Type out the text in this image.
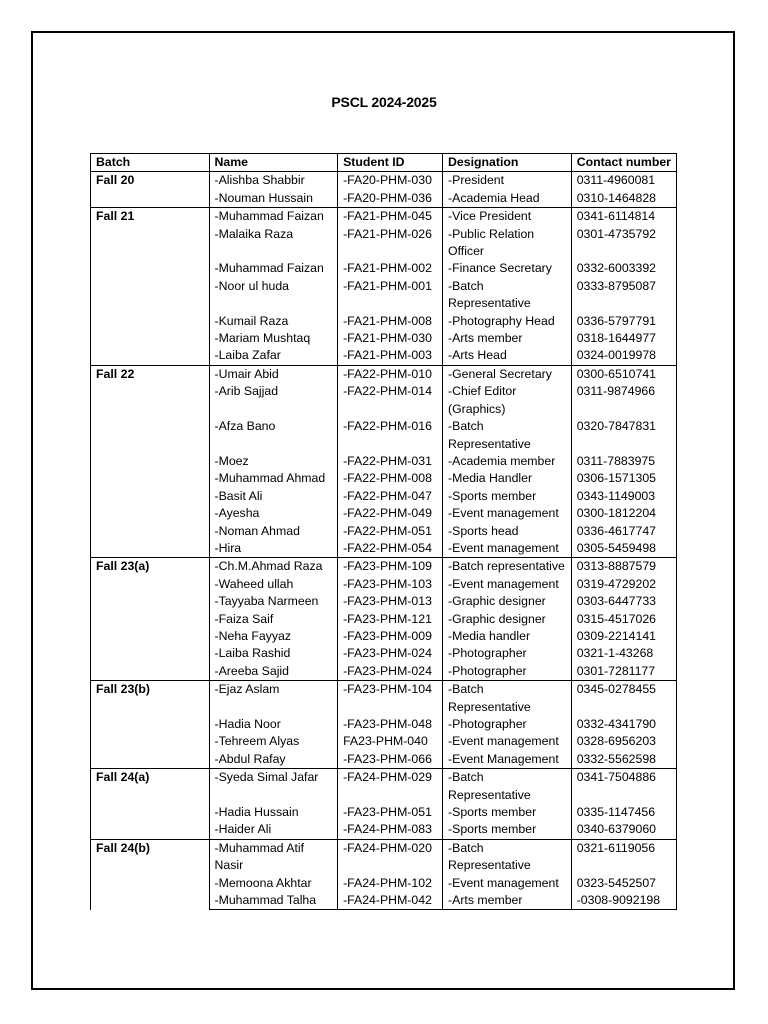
PSCL 2024-2025
Batch	Name	Student ID	Designation	Contact number
Fall 20	-Alishba Shabbir	-FA20-PHM-030	-President	0311-4960081
	-Nouman Hussain	-FA20-PHM-036	-Academia Head	0310-1464828
Fall 21	-Muhammad Faizan	-FA21-PHM-045	-Vice President	0341-6114814
	-Malaika Raza	-FA21-PHM-026	-Public Relation Officer	0301-4735792
	-Muhammad Faizan	-FA21-PHM-002	-Finance Secretary	0332-6003392
	-Noor ul huda	-FA21-PHM-001	-Batch Representative	0333-8795087
	-Kumail Raza	-FA21-PHM-008	-Photography Head	0336-5797791
	-Mariam Mushtaq	-FA21-PHM-030	-Arts member	0318-1644977
	-Laiba Zafar	-FA21-PHM-003	-Arts Head	0324-0019978
Fall 22	-Umair Abid	-FA22-PHM-010	-General Secretary	0300-6510741
	-Arib Sajjad	-FA22-PHM-014	-Chief Editor (Graphics)	0311-9874966
	-Afza Bano	-FA22-PHM-016	-Batch Representative	0320-7847831
	-Moez	-FA22-PHM-031	-Academia member	0311-7883975
	-Muhammad Ahmad	-FA22-PHM-008	-Media Handler	0306-1571305
	-Basit Ali	-FA22-PHM-047	-Sports member	0343-1149003
	-Ayesha	-FA22-PHM-049	-Event management	0300-1812204
	-Noman Ahmad	-FA22-PHM-051	-Sports head	0336-4617747
	-Hira	-FA22-PHM-054	-Event management	0305-5459498
Fall 23(a)	-Ch.M.Ahmad Raza	-FA23-PHM-109	-Batch representative	0313-8887579
	-Waheed ullah	-FA23-PHM-103	-Event management	0319-4729202
	-Tayyaba Narmeen	-FA23-PHM-013	-Graphic designer	0303-6447733
	-Faiza Saif	-FA23-PHM-121	-Graphic designer	0315-4517026
	-Neha Fayyaz	-FA23-PHM-009	-Media handler	0309-2214141
	-Laiba Rashid	-FA23-PHM-024	-Photographer	0321-1-43268
	-Areeba Sajid	-FA23-PHM-024	-Photographer	0301-7281177
Fall 23(b)	-Ejaz Aslam	-FA23-PHM-104	-Batch Representative	0345-0278455
	-Hadia Noor	-FA23-PHM-048	-Photographer	0332-4341790
	-Tehreem Alyas	FA23-PHM-040	-Event management	0328-6956203
	-Abdul Rafay	-FA23-PHM-066	-Event Management	0332-5562598
Fall 24(a)	-Syeda Simal Jafar	-FA24-PHM-029	-Batch Representative	0341-7504886
	-Hadia Hussain	-FA23-PHM-051	-Sports member	0335-1147456
	-Haider Ali	-FA24-PHM-083	-Sports member	0340-6379060
Fall 24(b)	-Muhammad Atif Nasir	-FA24-PHM-020	-Batch Representative	0321-6119056
	-Memoona Akhtar	-FA24-PHM-102	-Event management	0323-5452507
	-Muhammad Talha	-FA24-PHM-042	-Arts member	-0308-9092198
